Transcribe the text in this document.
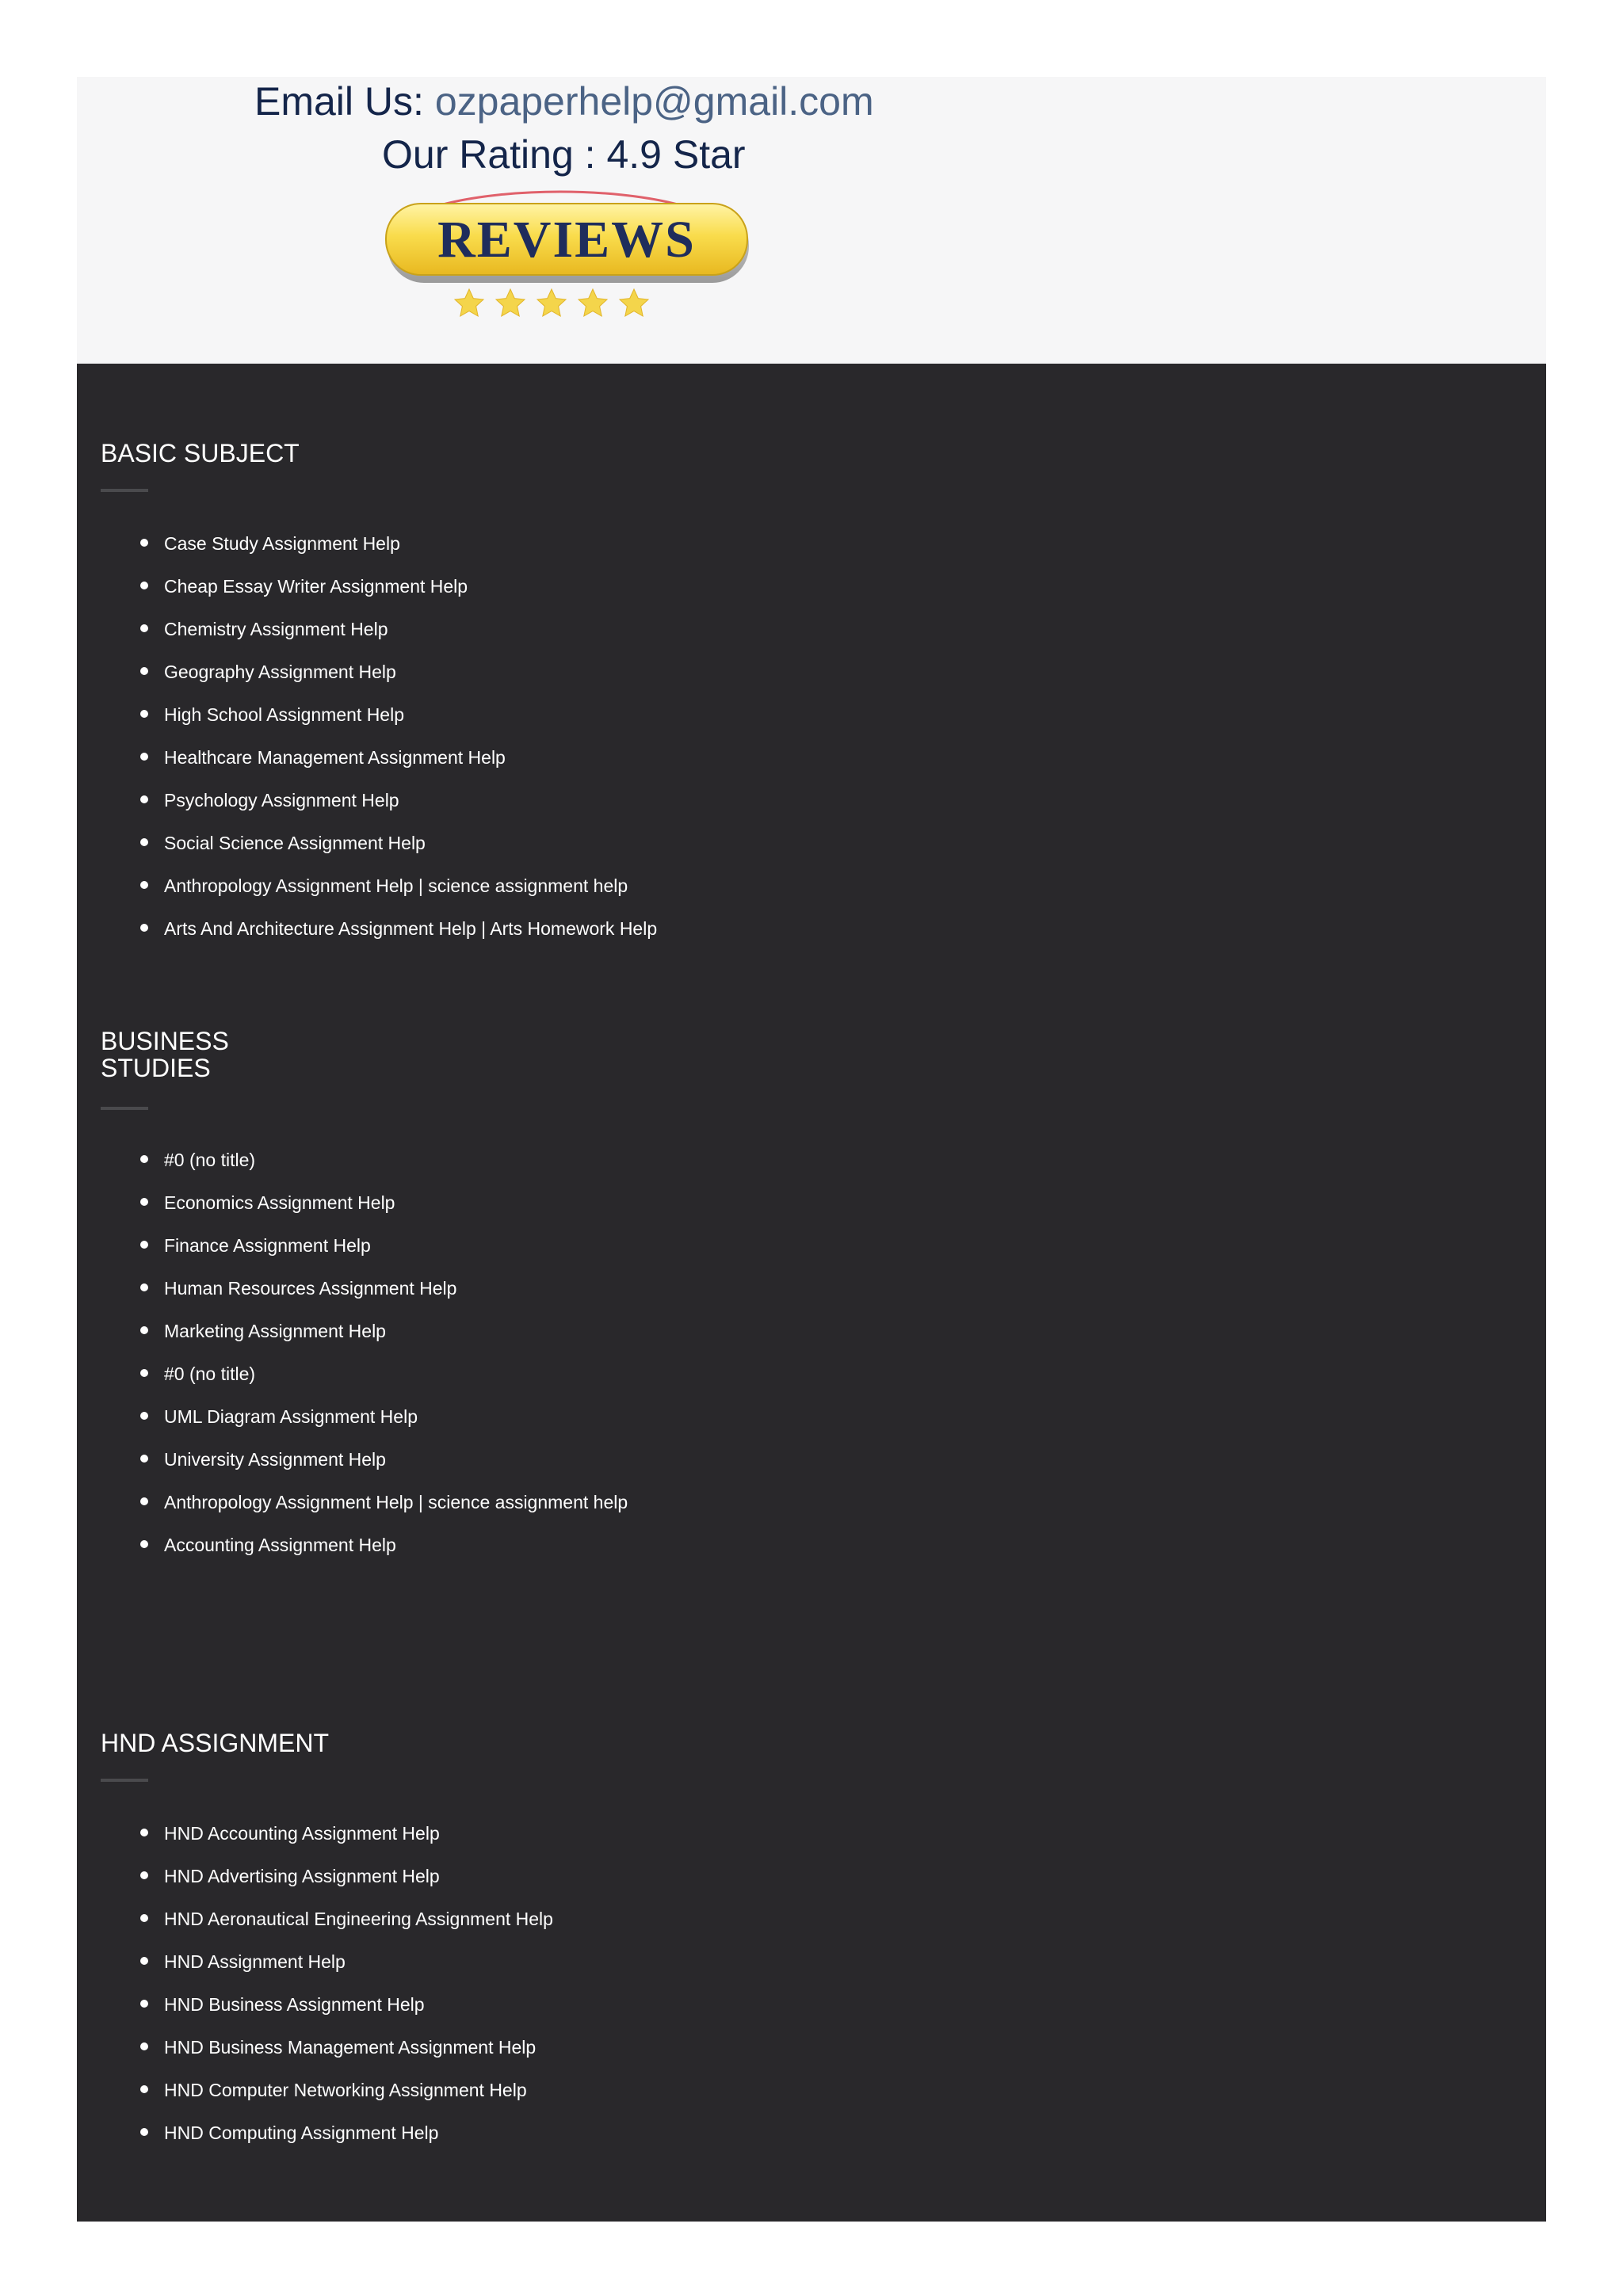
Email Us: ozpaperhelp@gmail.com
Our Rating : 4.9 Star
REVIEWS
BASIC SUBJECT
Case Study Assignment Help
Cheap Essay Writer Assignment Help
Chemistry Assignment Help
Geography Assignment Help
High School Assignment Help
Healthcare Management Assignment Help
Psychology Assignment Help
Social Science Assignment Help
Anthropology Assignment Help | science assignment help
Arts And Architecture Assignment Help | Arts Homework Help
BUSINESS STUDIES
#0 (no title)
Economics Assignment Help
Finance Assignment Help
Human Resources Assignment Help
Marketing Assignment Help
#0 (no title)
UML Diagram Assignment Help
University Assignment Help
Anthropology Assignment Help | science assignment help
Accounting Assignment Help
HND ASSIGNMENT
HND Accounting Assignment Help
HND Advertising Assignment Help
HND Aeronautical Engineering Assignment Help
HND Assignment Help
HND Business Assignment Help
HND Business Management Assignment Help
HND Computer Networking Assignment Help
HND Computing Assignment Help
